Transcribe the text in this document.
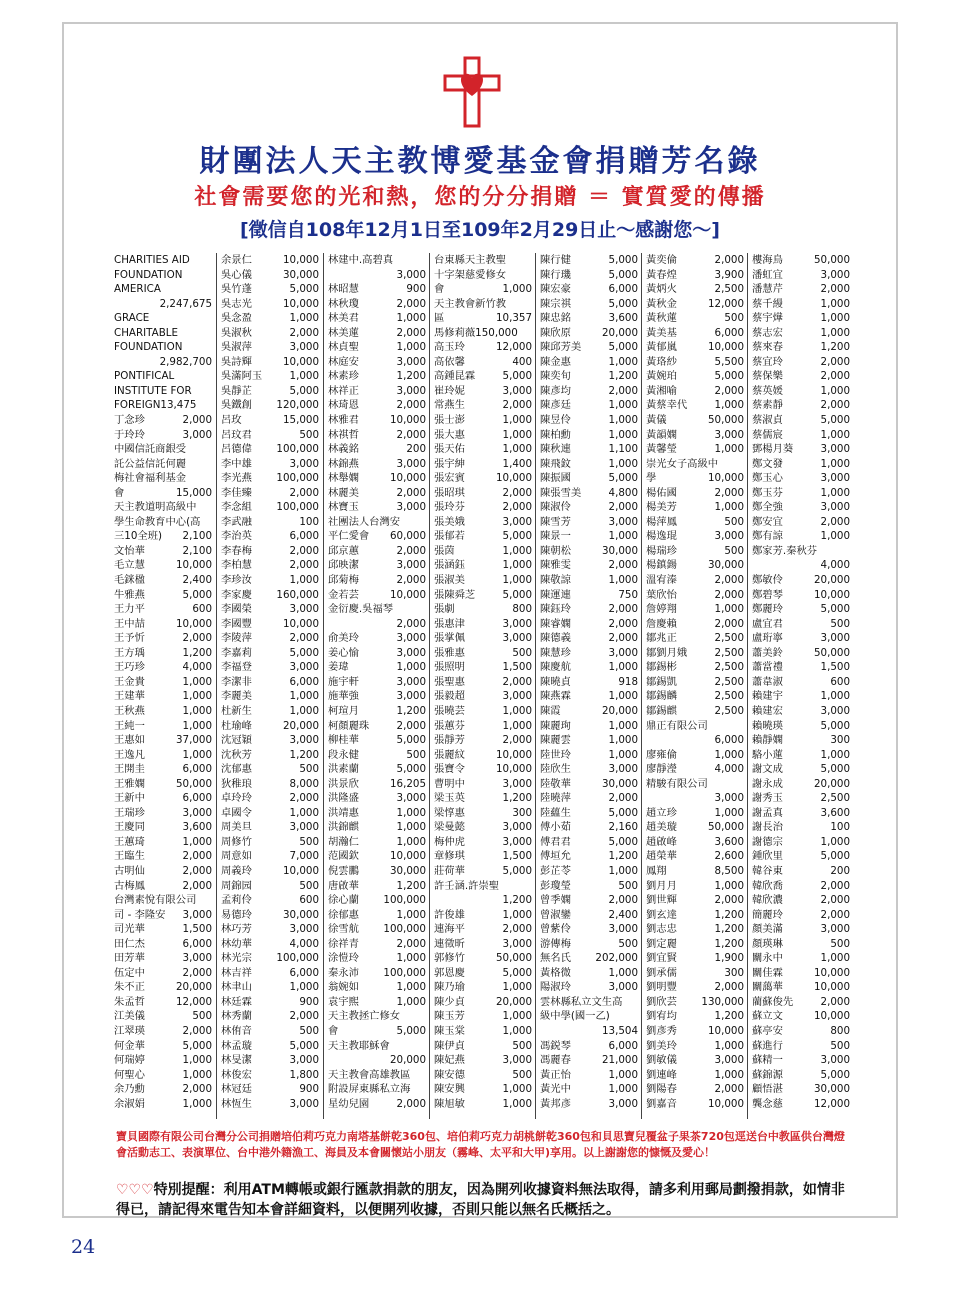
財團法人天主教博愛基金會捐贈芳名錄
社會需要您的光和熱，您的分分捐贈 ＝ 實質愛的傳播
[徵信自108年12月1日至109年2月29日止～感謝您～]
CHARITIES AID
FOUNDATION
AMERICA
2,247,675
GRACE
CHARITABLE
FOUNDATION
2,982,700
PONTIFICAL
INSTITUTE FOR
FOREIGN13,475
丁念珍	2,000
于玲玲	3,000
中國信託商銀受
託公益信託何麗
梅社會福利基金
會	15,000
天主教道明高級中
學生命教育中心(高
三10全班) 2,100
文怡華	2,100
毛立慧	10,000
毛銤楹	2,400
牛雅燕	5,000
王力平	600
王中喆	10,000
王予忻	2,000
王方瑀	1,200
王巧珍	4,000
王金貴	1,000
王建華	1,000
王秋燕	1,000
王純一	1,000
王惠如	37,000
王逸凡	1,000
王開圭	6,000
王雅嫻	50,000
王新中	6,000
王瑞珍	3,000
王慶同	3,600
王蕙琦	1,000
王臨生	2,000
古明仙	2,000
古梅鳳	2,000
台灣素悅有限公司
司 - 李隆安 3,000
司光華	1,500
田仁杰	6,000
田芳華	3,000
伍定中	2,000
朱不正	20,000
朱孟哲	12,000
江美儀	500
江翠瑛	2,000
何金華	5,000
何瑞婷	1,000
何聖心	1,000
余乃勳	2,000
余淑娟	1,000
余景仁	10,000
吳心儀	30,000
吳竹蓬	5,000
吳志光	10,000
吳念盈	1,000
吳淑秋	2,000
吳淑萍	3,000
吳詩輝	10,000
吳滿阿玉	1,000
吳靜芷	5,000
吳鐵創 120,000
呂玫	15,000
呂玟君	500
呂德偉 100,000
李中雄	3,000
李光燕 100,000
李佳臻	2,000
李念組 100,000
李武融	100
李治英	6,000
李春梅	2,000
李柏慧	2,000
李珍汝	1,000
李家慶 160,000
李國榮	3,000
李國豐	10,000
李陵萍	2,000
李嘉莉	5,000
李福登	3,000
李潔非	6,000
李麗美	1,000
杜新生	1,000
杜瑜峰	20,000
沈冠穎	3,000
沈秋芳	1,200
沈郁惠	500
狄稚琅	8,000
卓玲玲	2,000
卓國令	1,000
周美旦	3,000
周修竹	500
周意如	7,000
周義玲	10,000
周錦园	500
孟莉伶	600
易德玲	30,000
林巧芳	3,000
林幼華	4,000
林光宗 100,000
林吉祥	6,000
林聿山	1,000
林廷霖	900
林秀蘭	2,000
林侑音	500
林孟璇	5,000
林旻潔	3,000
林俊宏	1,800
林冠廷	900
林恆生	3,000
林建中.高碧真
3,000
林昭慧	900
林秋瓊	2,000
林美君	1,000
林美蓮	2,000
林貞聖	1,000
林庭安	3,000
林素珍	1,200
林祥正	3,000
林琦恩	2,000
林雅君	10,000
林祺哲	2,000
林義銘	200
林錦燕	3,000
林舉嫻	10,000
林麗美	2,000
林寶玉	3,000
社團法人台灣安
平仁愛會 60,000
邱京蕙	2,000
邱映潔	3,000
邱菊梅	2,000
金若芸	10,000
金衍慶.吳福琴
2,000
俞美玲	3,000
姜心愉	3,000
姜瑋	1,000
施宇軒	3,000
施華強	3,000
柯瑄月	1,200
柯顏麗珠	2,000
柳桂華	5,000
段永健	500
洪素蘭	5,000
洪景欣	16,205
洪隆盛	3,000
洪靖惠	1,000
洪錦麒	1,000
胡瀚仁	1,000
范國欽	10,000
倪雲鵬	30,000
唐啟華	1,200
徐心蘭 100,000
徐郁惠	1,000
徐雪航 100,000
徐祥青	2,000
涂愷玲	1,000
秦永沛 100,000
翁婉如	1,000
袁宇熙	1,000
天主教拯亡修女
會	5,000
天主教耶穌會
20,000
天主教會高雄教區
附設屏東縣私立海
星幼兒園	2,000
台東縣天主教聖
十字架慈愛修女
會	1,000
天主教會新竹教
區	10,357
馬修莉薇150,000
高玉玲	12,000
高依馨	400
高鍾昆霖	5,000
崔玲妮	3,000
常燕生	2,000
張士澎	1,000
張大惠	1,000
張天佑	1,000
張宇紳	1,400
張宏賓	10,000
張昭琪	2,000
張玲芬	2,000
張美娥	3,000
張郁若	5,000
張茵	1,000
張涵鈺	1,000
張淑美	1,000
張陳舜芝	5,000
張劇	800
張惠津	3,000
張掌佩	3,000
張雅惠	500
張照明	1,500
張聖惠	2,000
張毅超	3,000
張曉芸	1,000
張蕙芬	1,000
張靜芳	2,000
張麗紋	10,000
張寶令	10,000
曹明中	3,000
梁玉英	1,200
梁惇惠	300
梁曼懿	3,000
梅仲虎	3,000
章修琪	1,500
莊荷華	5,000
許壬涵.許崇聖
1,200
許俊雄	1,000
連海平	2,000
連徵昕	3,000
郭修竹	50,000
郭恩慶	5,000
陳乃瑜	1,000
陳少貞	20,000
陳玉芳	1,000
陳玉棠	1,000
陳伊貞	500
陳妃燕	3,000
陳安德	500
陳安興	1,000
陳旭敏	1,000
陳行健	5,000
陳行璣	5,000
陳宏豪	6,000
陳宗祺	5,000
陳忠銘	3,600
陳欣原	20,000
陳邱芳美	5,000
陳金惠	1,000
陳奕旬	1,200
陳彥均	2,000
陳彥廷	1,000
陳昱伶	1,000
陳柏勳	1,000
陳秋連	1,100
陳飛鈫	1,000
陳振國	5,000
陳張雪美	4,800
陳淑伶	2,000
陳雪芳	3,000
陳景一	1,000
陳朝松	30,000
陳雅雯	2,000
陳敬諒	1,000
陳運連	750
陳鈺玲	2,000
陳睿嫻	2,000
陳德義	2,000
陳慧珍	3,000
陳慶航	1,000
陳曉貞	918
陳燕霖	1,000
陳霞	20,000
陳麗珣	1,000
陳麗雲	1,000
陸世玲	1,000
陸欣生	3,000
陸敬華	30,000
陸曉萍	2,000
陸蘊生	5,000
傅小茹	2,160
傅君君	5,000
傅垣允	1,200
彭芷苓	1,000
彭瓊瑩	500
曾季嫻	2,000
曾淑鑾	2,400
曾紫伶	3,000
游傳梅	500
無名氏 202,000
黃格微	1,000
陽淑玲	3,000
雲林縣私立文生高
級中學(國一乙)
13,504
馮鋭琴	6,000
馮麗春	21,000
黃正怡	1,000
黃光中	1,000
黃邦彥	3,000
黃奕倫	2,000
黃春煌	3,900
黃炳火	2,500
黃秋金	12,000
黃秋蓮	500
黃美基	6,000
黃郁嵐	10,000
黃珞紗	5,500
黃婉珀	5,000
黃湘喻	2,000
黃蔡幸代	1,000
黃儀	50,000
黃韻嫻	3,000
黃馨瑩	1,000
崇光女子高級中
學	10,000
楊佑國	2,000
楊美芳	1,000
楊萍鳳	500
楊逸琨	3,000
楊瑞珍	500
楊鎮鍚	30,000
溫宥溱	2,000
葉欣怡	2,000
詹婷翔	1,000
詹慶賴	2,000
鄒兆正	2,500
鄒劉月娥	2,500
鄒錫彬	2,500
鄒錫凱	2,500
鄒錫麟	2,500
鄒錫麒	2,500
鼎正有限公司
6,000
廖雍倫	1,000
廖靜瀅	4,000
精駿有限公司
3,000
趙立珍	1,000
趙美璇	50,000
趙啟峰	3,600
趙榮華	2,600
鳳翔	8,500
劉月月	1,000
劉世輝	2,000
劉玄達	1,200
劉志忠	1,200
劉定麗	1,200
劉宜賢	1,900
劉承儒	300
劉明豐	2,000
劉欣芸 130,000
劉宥均	1,200
劉彥秀	10,000
劉美玲	1,000
劉敏儀	3,000
劉連峰	1,000
劉陽春	2,000
劉嘉音	10,000
樓海鳥	50,000
潘虹宜	3,000
潘慧芹	2,000
蔡千縵	1,000
蔡宇燁	1,000
蔡志宏	1,000
蔡來春	1,200
蔡宜玲	2,000
蔡保樂	2,000
蔡英媛	1,000
蔡素靜	2,000
蔡淑貞	5,000
蔡儒宸	1,000
鄧楊月葵	3,000
鄭文發	1,000
鄭玉心	3,000
鄭玉芬	1,000
鄭全強	3,000
鄭安宜	2,000
鄭有諒	1,000
鄭家芳.秦秋芬
4,000
鄭敏伶	20,000
鄭碧琴	10,000
鄭麗玲	5,000
盧宜君	500
盧珩寧	3,000
蕭美鈴	50,000
蕭當禮	1,500
蕭韋淑	600
賴建宇	1,000
賴建宏	3,000
賴曉瑛	5,000
賴靜嫻	300
駱小蓮	1,000
謝文成	5,000
謝永成	20,000
謝秀玉	2,500
謝孟真	3,600
謝長治	100
謝德宗	1,000
鍾欣里	5,000
韓谷東	200
韓欣喬	2,000
韓欣濃	2,000
簡麗玲	2,000
顏美滿	3,000
顏瑛琳	500
關永中	1,000
關佳霖	10,000
關藹華	10,000
藺蘇俊先	2,000
蘇立文	10,000
蘇亭安	800
蘇進行	500
蘇精一	3,000
蘇錦源	5,000
顧悟湛	30,000
龔念慈	12,000
寶貝國際有限公司台灣分公司捐贈培伯莉巧克力南塔基餅乾360包、培伯莉巧克力胡桃餅乾360包和貝思寶兒覆盆子果茶720包逕送台中教區供台灣燈會活動志工、表演單位、台中港外籍漁工、海員及本會關懷站小朋友（霧峰、太平和大甲)享用。以上謝謝您的慷慨及愛心！
♡♡♡特別提醒：利用ATM轉帳或銀行匯款捐款的朋友，因為開列收據資料無法取得，請多利用郵局劃撥捐款，如情非得已，請記得來電告知本會詳細資料，以便開列收據，否則只能以無名氏概括之。
24
